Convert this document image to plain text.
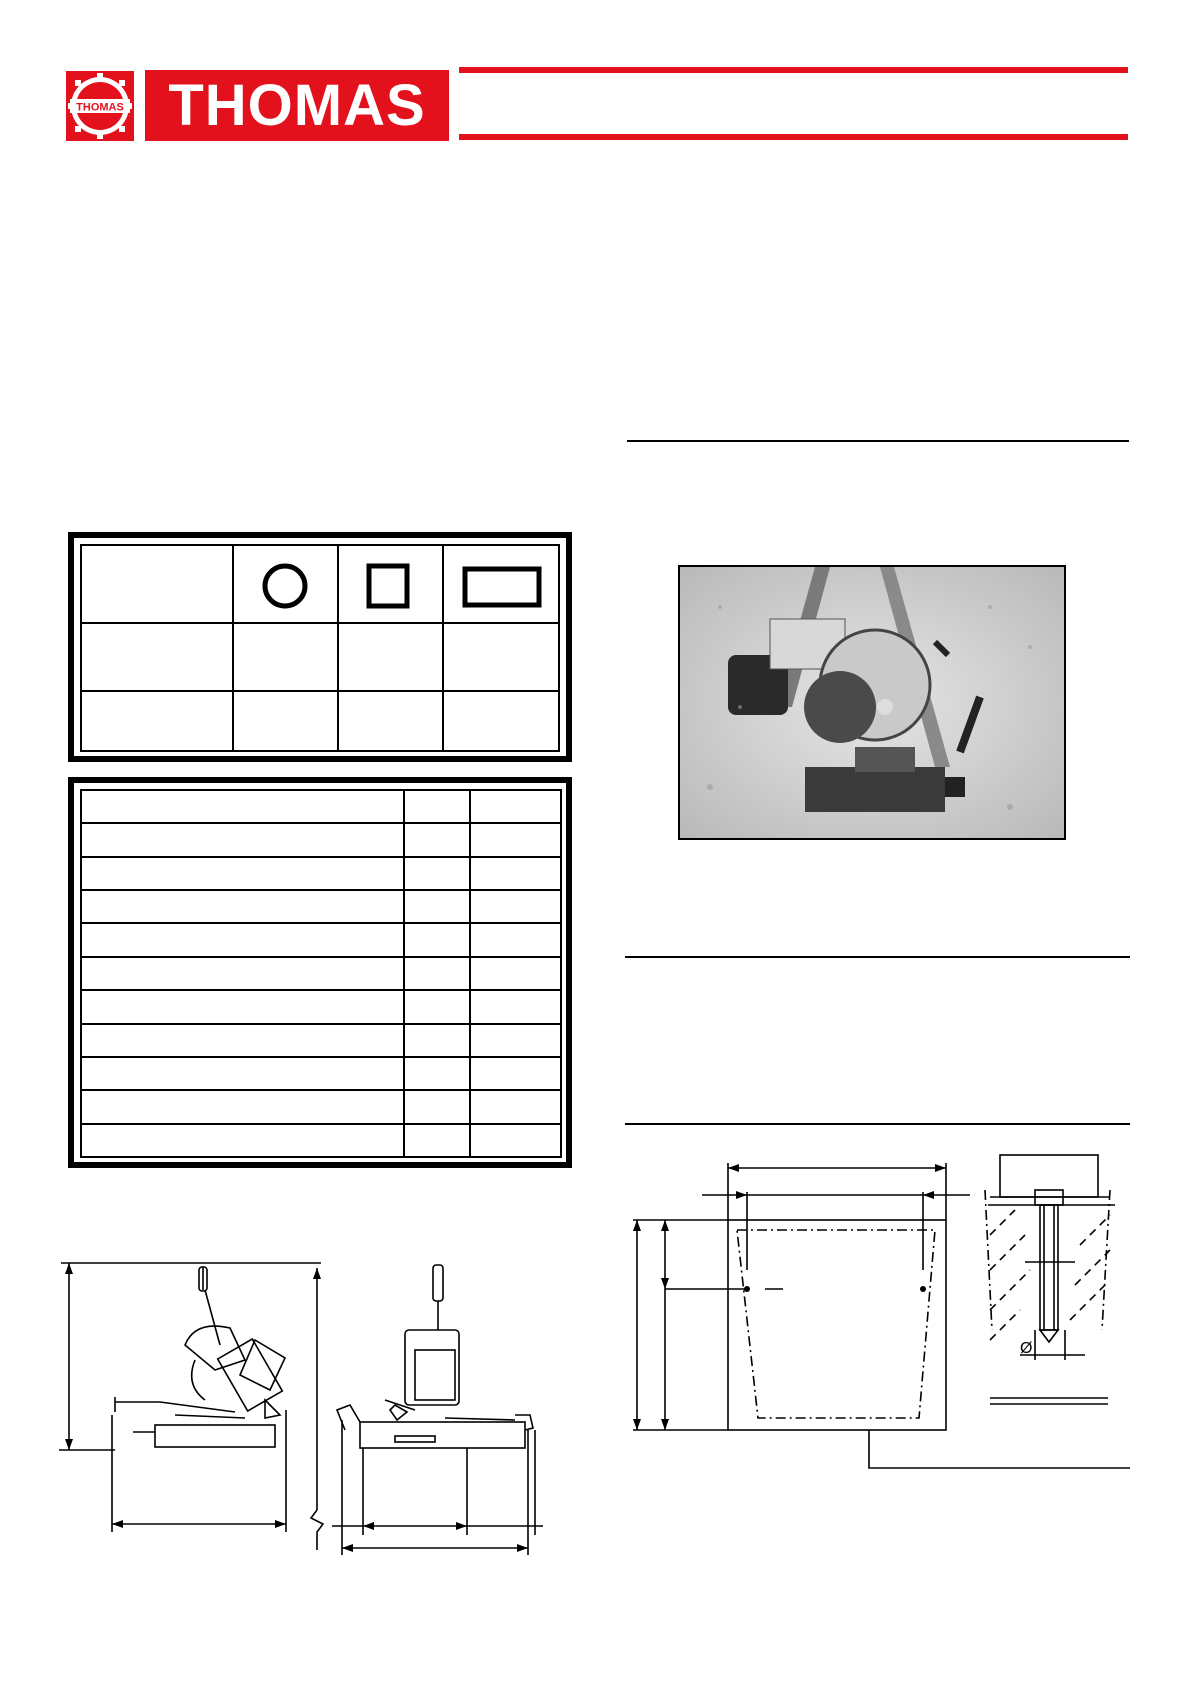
THOMAS THOMAS

Ø
